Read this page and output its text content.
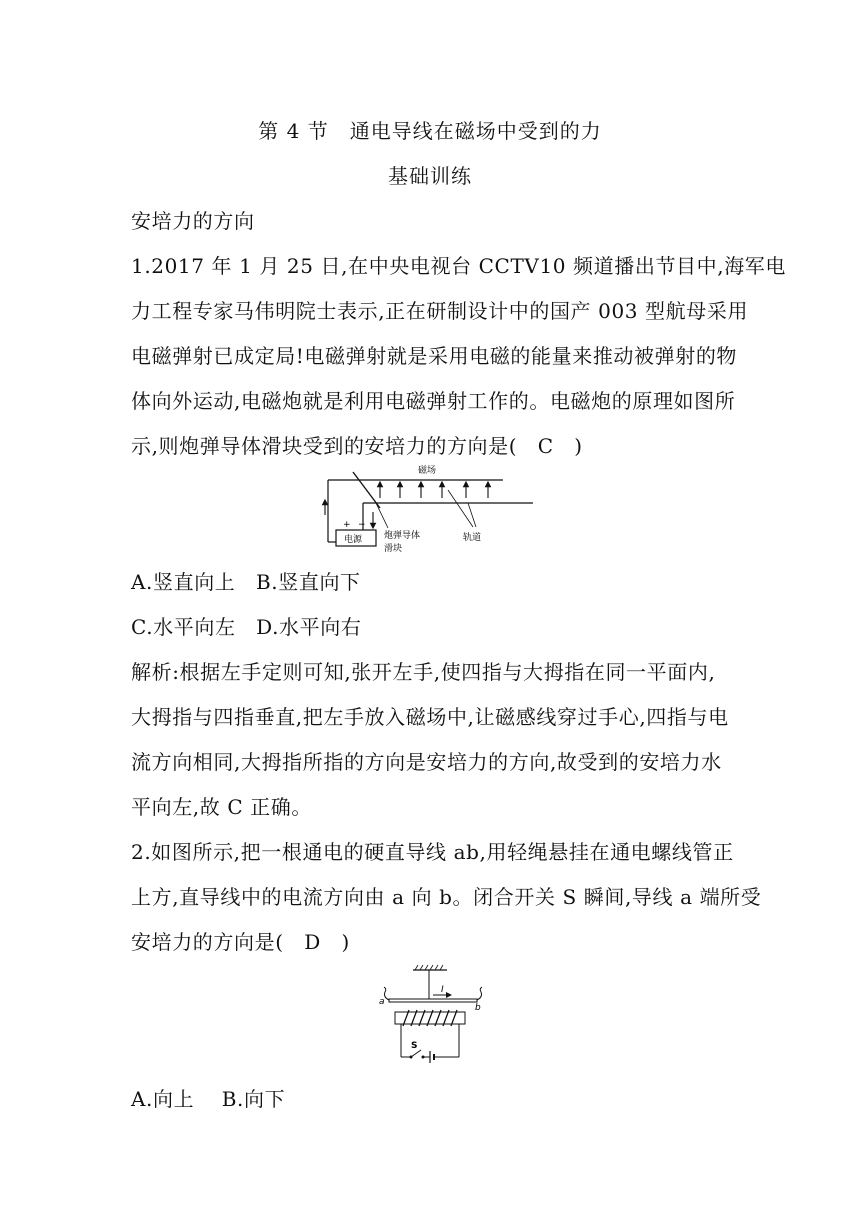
第 4 节　通电导线在磁场中受到的力
基础训练
安培力的方向
1.2017 年 1 月 25 日,在中央电视台 CCTV10 频道播出节目中,海军电
力工程专家马伟明院士表示,正在研制设计中的国产 003 型航母采用
电磁弹射已成定局!电磁弹射就是采用电磁的能量来推动被弹射的物
体向外运动,电磁炮就是利用电磁弹射工作的。电磁炮的原理如图所
示,则炮弹导体滑块受到的安培力的方向是(　C　)
电源
+ −
磁场
炮弹导体
滑块
轨道
A.竖直向上　B.竖直向下
C.水平向左　D.水平向右
解析:根据左手定则可知,张开左手,使四指与大拇指在同一平面内,
大拇指与四指垂直,把左手放入磁场中,让磁感线穿过手心,四指与电
流方向相同,大拇指所指的方向是安培力的方向,故受到的安培力水
平向左,故 C 正确。
2.如图所示,把一根通电的硬直导线 ab,用轻绳悬挂在通电螺线管正
上方,直导线中的电流方向由 a 向 b。闭合开关 S 瞬间,导线 a 端所受
安培力的方向是(　D　)
a
b
I
S
A.向上　 B.向下
